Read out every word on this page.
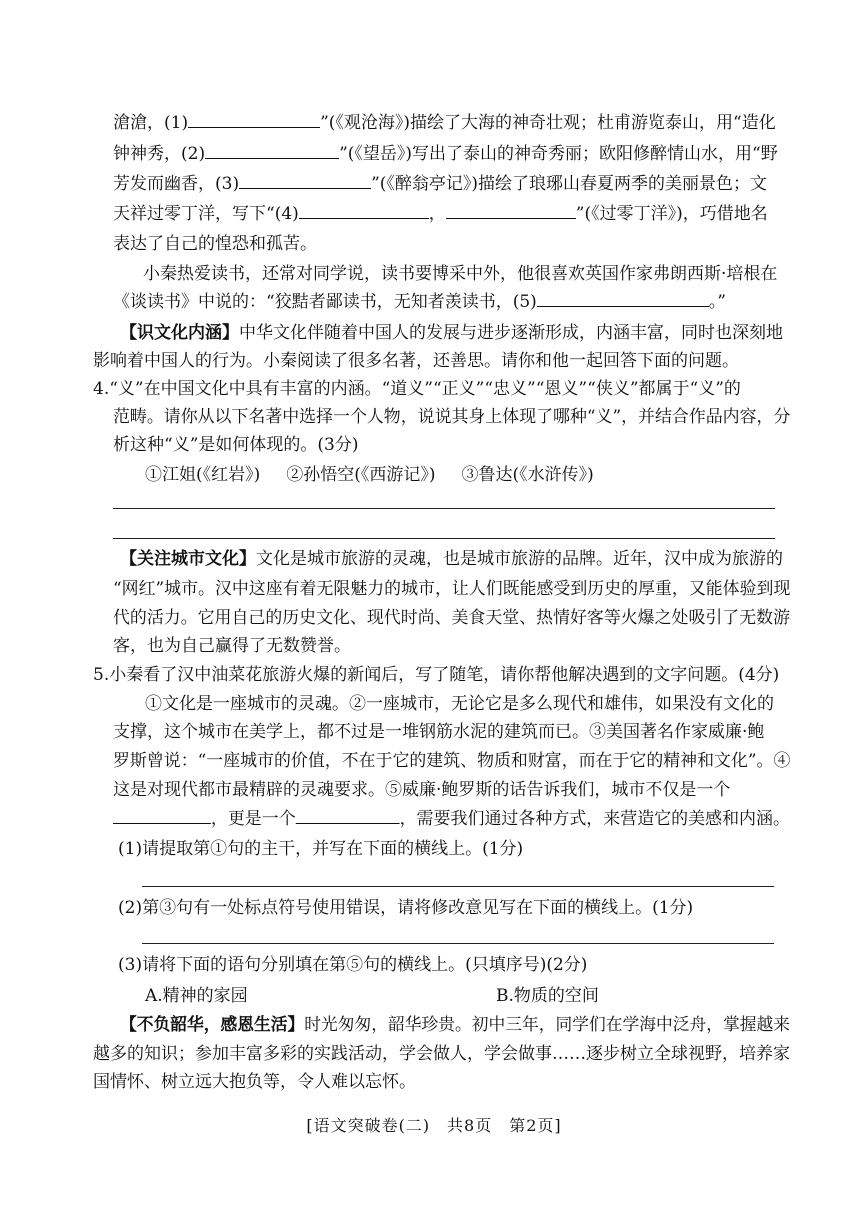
滄滄，(1)	”(《观沧海》)描绘了大海的神奇壮观；杜甫游览泰山，用“造化
钟神秀，(2)	”(《望岳》)写出了泰山的神奇秀丽；欧阳修醉情山水，用“野
芳发而幽香，(3)	”(《醉翁亭记》)描绘了琅琊山春夏两季的美丽景色；文
天祥过零丁洋，写下“(4)	，	”(《过零丁洋》)，巧借地名
表达了自己的惶恐和孤苦。
小秦热爱读书，还常对同学说，读书要博采中外，他很喜欢英国作家弗朗西斯·培根在
《谈读书》中说的：“狡黠者鄙读书，无知者羡读书，(5)	。”
【识文化内涵】中华文化伴随着中国人的发展与进步逐渐形成，内涵丰富，同时也深刻地
影响着中国人的行为。小秦阅读了很多名著，还善思。请你和他一起回答下面的问题。
4.“义”在中国文化中具有丰富的内涵。“道义”“正义”“忠义”“恩义”“侠义”都属于“义”的
范畴。请你从以下名著中选择一个人物，说说其身上体现了哪种“义”，并结合作品内容，分
析这种“义”是如何体现的。(3分)
①江姐(《红岩》) ②孙悟空(《西游记》) ③鲁达(《水浒传》)
【关注城市文化】文化是城市旅游的灵魂，也是城市旅游的品牌。近年，汉中成为旅游的
“网红”城市。汉中这座有着无限魅力的城市，让人们既能感受到历史的厚重，又能体验到现
代的活力。它用自己的历史文化、现代时尚、美食天堂、热情好客等火爆之处吸引了无数游
客，也为自己赢得了无数赞誉。
5.小秦看了汉中油菜花旅游火爆的新闻后，写了随笔，请你帮他解决遇到的文字问题。(4分)
①文化是一座城市的灵魂。②一座城市，无论它是多么现代和雄伟，如果没有文化的
支撑，这个城市在美学上，都不过是一堆钢筋水泥的建筑而已。③美国著名作家威廉·鲍
罗斯曾说：“一座城市的价值，不在于它的建筑、物质和财富，而在于它的精神和文化”。④
这是对现代都市最精辟的灵魂要求。⑤威廉·鲍罗斯的话告诉我们，城市不仅是一个
，更是一个	，需要我们通过各种方式，来营造它的美感和内涵。
(1)请提取第①句的主干，并写在下面的横线上。(1分)
(2)第③句有一处标点符号使用错误，请将修改意见写在下面的横线上。(1分)
(3)请将下面的语句分别填在第⑤句的横线上。(只填序号)(2分)
A.精神的家园	B.物质的空间
【不负韶华，感恩生活】时光匆匆，韶华珍贵。初中三年，同学们在学海中泛舟，掌握越来
越多的知识；参加丰富多彩的实践活动，学会做人，学会做事……逐步树立全球视野，培养家
国情怀、树立远大抱负等，令人难以忘怀。
[语文突破卷(二)　共8页　第2页]
